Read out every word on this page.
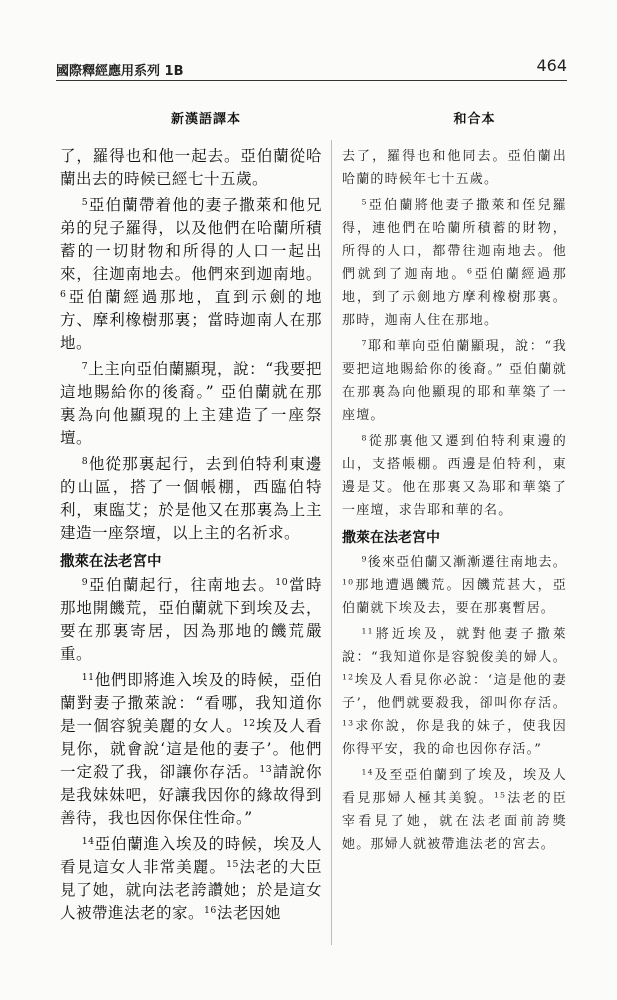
國際釋經應用系列 1B	464
新漢語譯本

了，羅得也和他一起去。亞伯蘭從哈蘭出去的時候已經七十五歲。

$^5$亞伯蘭帶着他的妻子撒萊和他兄弟的兒子羅得，以及他們在哈蘭所積蓄的一切財物和所得的人口一起出來，往迦南地去。他們來到迦南地。$^6$亞伯蘭經過那地，直到示劍的地方、摩利橡樹那裏；當時迦南人在那地。

$^7$上主向亞伯蘭顯現，說：“我要把這地賜給你的後裔。” 亞伯蘭就在那裏為向他顯現的上主建造了一座祭壇。

$^8$他從那裏起行，去到伯特利東邊的山區，搭了一個帳棚，西臨伯特利，東臨艾；於是他又在那裏為上主建造一座祭壇，以上主的名祈求。

撒萊在法老宮中

$^9$亞伯蘭起行，往南地去。$^{10}$當時那地開饑荒，亞伯蘭就下到埃及去，要在那裏寄居，因為那地的饑荒嚴重。

$^{11}$他們即將進入埃及的時候，亞伯蘭對妻子撒萊說：“看哪，我知道你是一個容貌美麗的女人。$^{12}$埃及人看見你，就會說‘這是他的妻子’。他們一定殺了我，卻讓你存活。$^{13}$請說你是我妹妹吧，好讓我因你的緣故得到善待，我也因你保住性命。”

$^{14}$亞伯蘭進入埃及的時候，埃及人看見這女人非常美麗。$^{15}$法老的大臣見了她，就向法老誇讚她；於是這女人被帶進法老的家。$^{16}$法老因她

和合本

去了，羅得也和他同去。亞伯蘭出哈蘭的時候年七十五歲。

$^5$亞伯蘭將他妻子撒萊和侄兒羅得，連他們在哈蘭所積蓄的財物，所得的人口，都帶往迦南地去。他們就到了迦南地。$^6$亞伯蘭經過那地，到了示劍地方摩利橡樹那裏。那時，迦南人住在那地。

$^7$耶和華向亞伯蘭顯現，說：“我要把這地賜給你的後裔。” 亞伯蘭就在那裏為向他顯現的耶和華築了一座壇。

$^8$從那裏他又遷到伯特利東邊的山，支搭帳棚。西邊是伯特利，東邊是艾。他在那裏又為耶和華築了一座壇，求告耶和華的名。

撒萊在法老宮中

$^9$後來亞伯蘭又漸漸遷往南地去。$^{10}$那地遭遇饑荒。因饑荒甚大，亞伯蘭就下埃及去，要在那裏暫居。

$^{11}$將近埃及，就對他妻子撒萊說：“我知道你是容貌俊美的婦人。$^{12}$埃及人看見你必說：‘這是他的妻子’，他們就要殺我，卻叫你存活。$^{13}$求你說，你是我的妹子，使我因你得平安，我的命也因你存活。”

$^{14}$及至亞伯蘭到了埃及，埃及人看見那婦人極其美貌。$^{15}$法老的臣宰看見了她，就在法老面前誇獎她。那婦人就被帶進法老的宮去。
